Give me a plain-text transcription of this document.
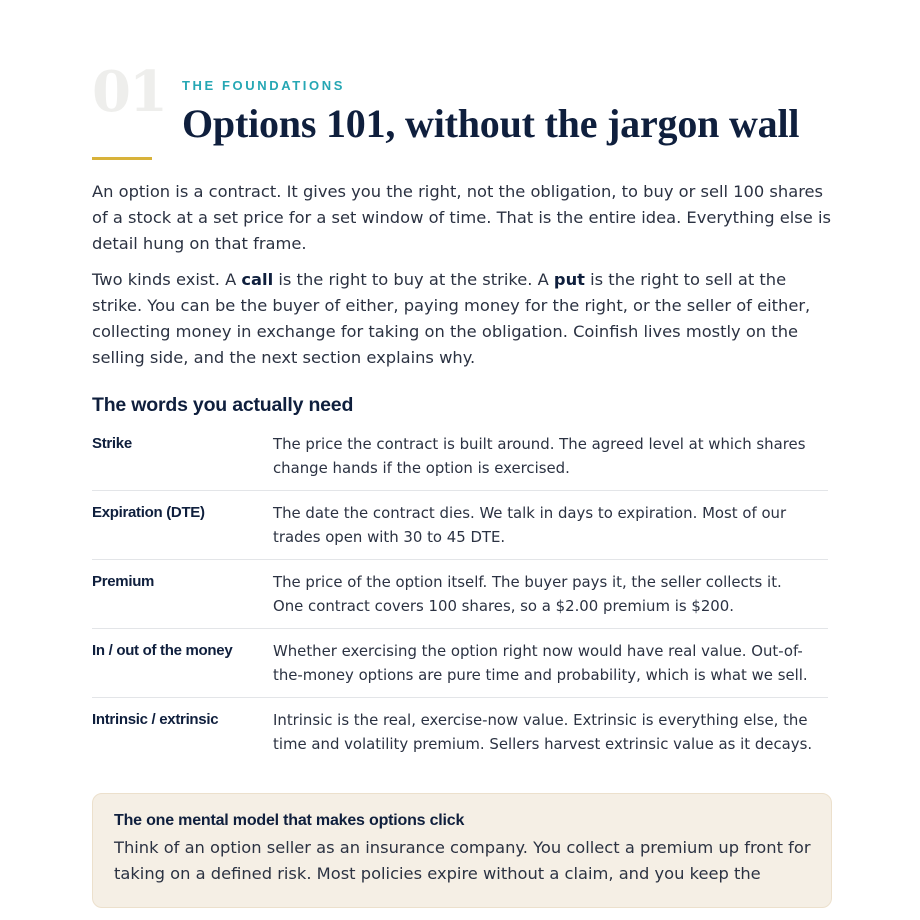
01 THE FOUNDATIONS
Options 101, without the jargon wall

An option is a contract. It gives you the right, not the obligation, to buy or sell 100 shares of a stock at a set price for a set window of time. That is the entire idea. Everything else is detail hung on that frame.

Two kinds exist. A call is the right to buy at the strike. A put is the right to sell at the strike. You can be the buyer of either, paying money for the right, or the seller of either, collecting money in exchange for taking on the obligation. Coinfish lives mostly on the selling side, and the next section explains why.

The words you actually need
Strike	The price the contract is built around. The agreed level at which shares change hands if the option is exercised.
Expiration (DTE)	The date the contract dies. We talk in days to expiration. Most of our trades open with 30 to 45 DTE.
Premium	The price of the option itself. The buyer pays it, the seller collects it. One contract covers 100 shares, so a $2.00 premium is $200.
In / out of the money	Whether exercising the option right now would have real value. Out-of-the-money options are pure time and probability, which is what we sell.
Intrinsic / extrinsic	Intrinsic is the real, exercise-now value. Extrinsic is everything else, the time and volatility premium. Sellers harvest extrinsic value as it decays.
The one mental model that makes options click
Think of an option seller as an insurance company. You collect a premium up front for taking on a defined risk. Most policies expire without a claim, and you keep the
